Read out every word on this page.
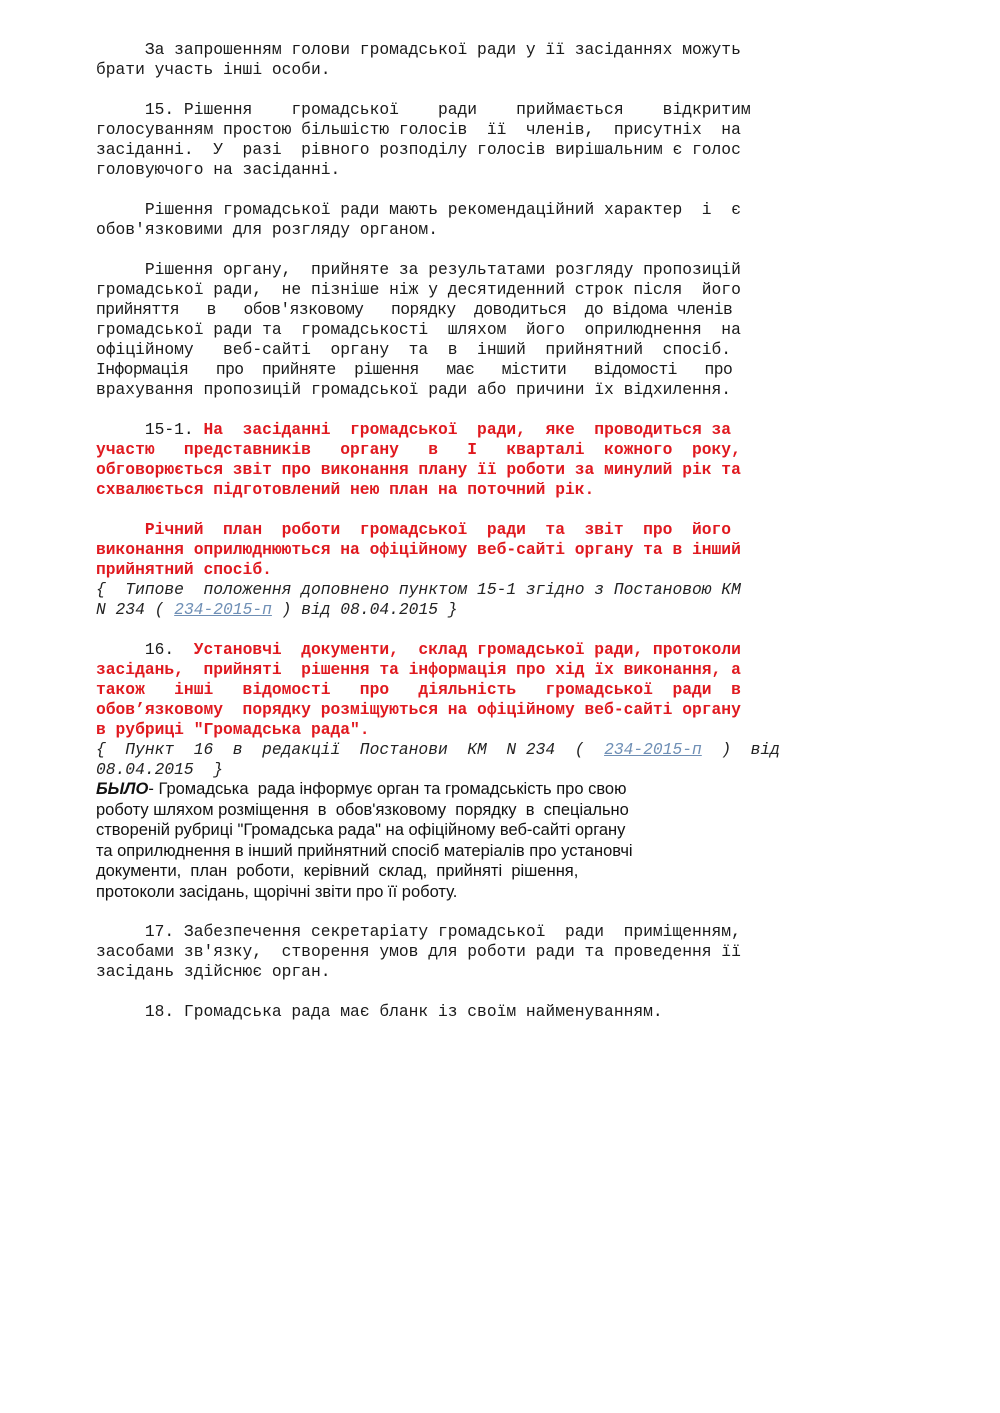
За запрошенням голови громадської ради у її засіданнях можуть
брати участь інші особи.
15. Рішення    громадської    ради    приймається    відкритим
голосуванням простою більшістю голосів  її  членів,  присутніх  на
засіданні.  У  разі  рівного розподілу голосів вирішальним є голос
головуючого на засіданні.
Рішення громадської ради мають рекомендаційний характер  і  є
обов'язковими для розгляду органом.
Рішення органу,  прийняте за результатами розгляду пропозицій
громадської ради,  не пізніше ніж у десятиденний строк після  його
прийняття   в   обов'язковому   порядку  доводиться  до відома членів
громадської ради та  громадськості  шляхом  його  оприлюднення  на
офіційному   веб-сайті  органу  та  в  інший  прийнятний  спосіб.
Інформація   про  прийняте  рішення   має   містити   відомості   про
врахування пропозицій громадської ради або причини їх відхилення.
15-1. На  засіданні  громадської  ради,  яке  проводиться за
участю   представників   органу   в   I   кварталі  кожного  року,
обговорюється звіт про виконання плану її роботи за минулий рік та
схвалюється підготовлений нею план на поточний рік.
Річний  план  роботи  громадської  ради  та  звіт  про  його
виконання оприлюднюються на офіційному веб-сайті органу та в інший
прийнятний спосіб.
{  Типове  положення доповнено пунктом 15-1 згідно з Постановою КМ
N 234 ( 234-2015-п ) від 08.04.2015 }
16.  Установчі  документи,  склад громадської ради, протоколи
засідань,  прийняті  рішення та інформація про хід їх виконання, а
також   інші   відомості   про   діяльність   громадської  ради  в
обов’язковому  порядку розміщуються на офіційному веб-сайті органу
в рубриці "Громадська рада".
{  Пункт  16  в  редакції  Постанови  КМ  N 234  (  234-2015-п  )  від
08.04.2015  }
БЫЛО- Громадська  рада інформує орган та громадськість про свою
роботу шляхом розміщення  в  обов'язковому  порядку  в  спеціально
створеній рубриці "Громадська рада" на офіційному веб-сайті органу
та оприлюднення в інший прийнятний спосіб матеріалів про установчі
документи,  план  роботи,  керівний  склад,  прийняті  рішення,
протоколи засідань, щорічні звіти про її роботу.
17. Забезпечення секретаріату громадської  ради  приміщенням,
засобами зв'язку,  створення умов для роботи ради та проведення її
засідань здійснює орган.
18. Громадська рада має бланк із своїм найменуванням.
